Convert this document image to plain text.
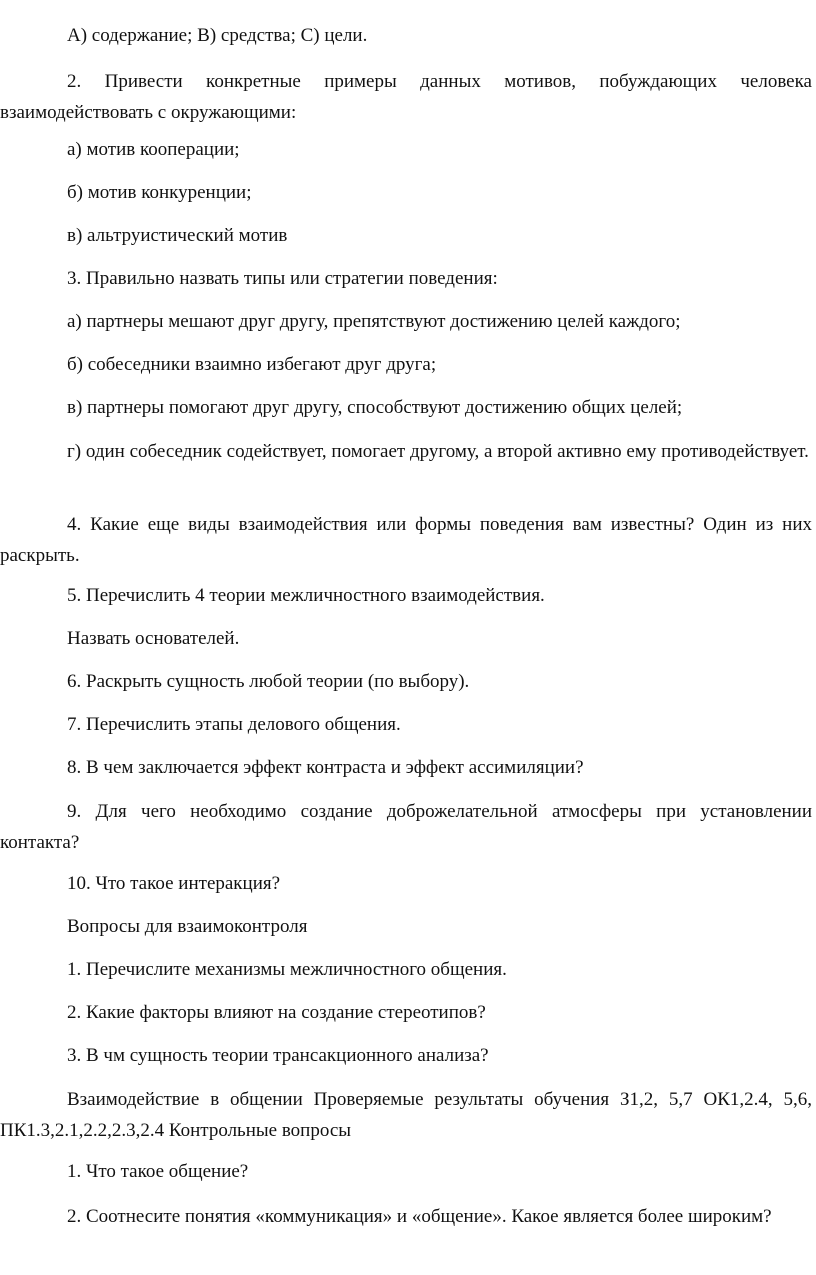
А) содержание; В) средства; С) цели.

2. Привести конкретные примеры данных мотивов, побуждающих человека взаимодействовать с окружающими:

а) мотив кооперации;

б) мотив конкуренции;

в) альтруистический мотив

3. Правильно назвать типы или стратегии поведения:

а) партнеры мешают друг другу, препятствуют достижению целей каждого;

б) собеседники взаимно избегают друг друга;

в) партнеры помогают друг другу, способствуют достижению общих целей;

г) один собеседник содействует, помогает другому, а второй активно ему противодействует.

4. Какие еще виды взаимодействия или формы поведения вам известны? Один из них раскрыть.

5. Перечислить 4 теории межличностного взаимодействия.

Назвать основателей.

6. Раскрыть сущность любой теории (по выбору).

7. Перечислить этапы делового общения.

8. В чем заключается эффект контраста и эффект ассимиляции?

9. Для чего необходимо создание доброжелательной атмосферы при установлении контакта?

10. Что такое интеракция?

Вопросы для взаимоконтроля

1. Перечислите механизмы межличностного общения.

2. Какие факторы влияют на создание стереотипов?

3. В чм сущность теории трансакционного анализа?

Взаимодействие в общении Проверяемые результаты обучения З1,2, 5,7 ОК1,2.4, 5,6, ПК1.3,2.1,2.2,2.3,2.4 Контрольные вопросы

1. Что такое общение?

2. Соотнесите понятия «коммуникация» и «общение». Какое является более широким?
